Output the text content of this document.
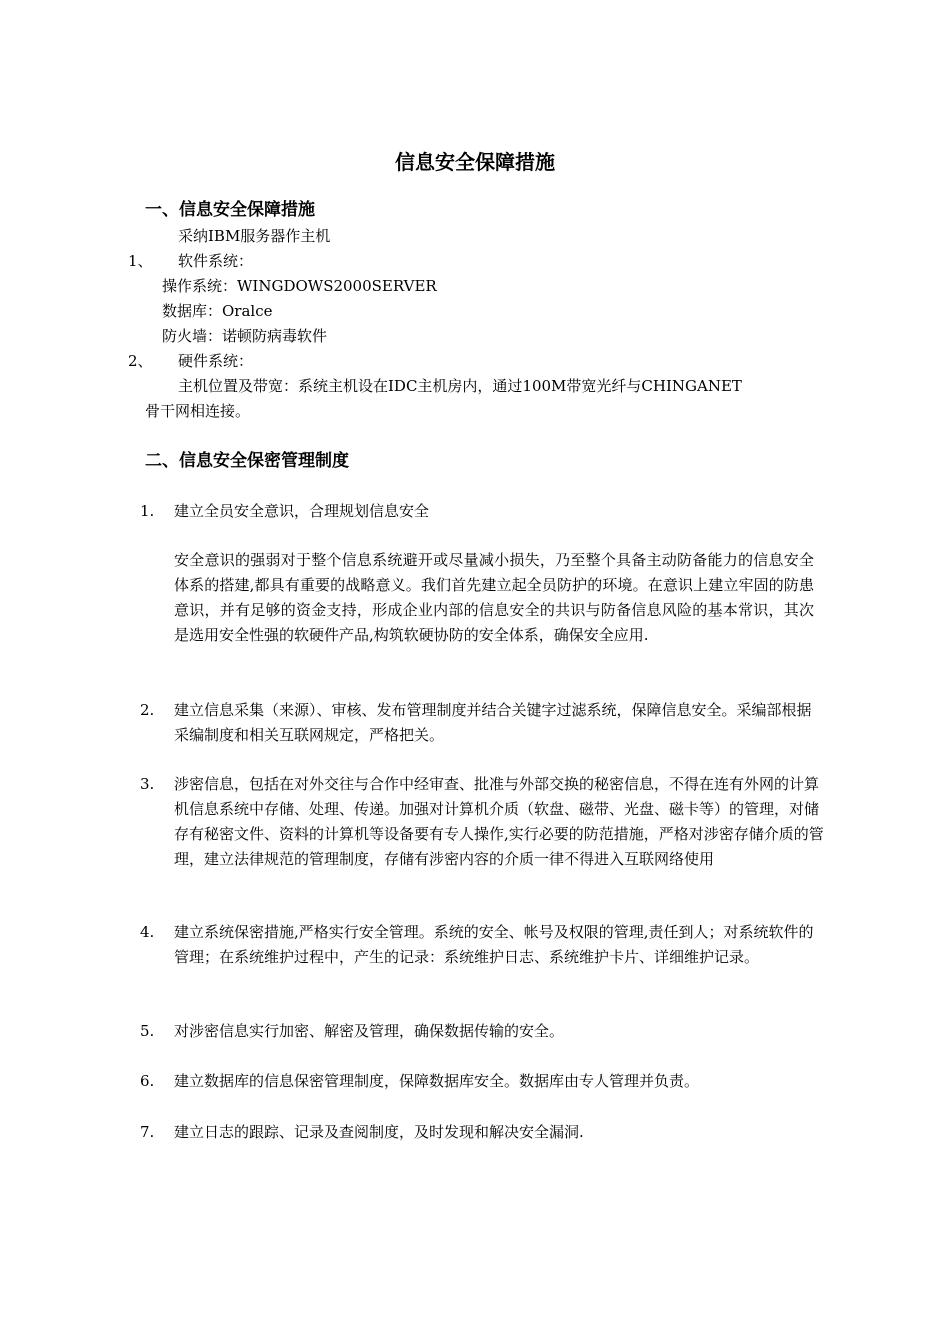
信息安全保障措施
一、信息安全保障措施

采纳IBM服务器作主机

1、 软件系统：

操作系统：WINGDOWS2000SERVER

数据库：Oralce

防火墙：诺顿防病毒软件

2、 硬件系统：

主机位置及带宽：系统主机设在IDC主机房内，通过100M带宽光纤与CHINGANET

骨干网相连接。

二、信息安全保密管理制度
1.	建立全员安全意识，合理规划信息安全

安全意识的强弱对于整个信息系统避开或尽量减小损失，乃至整个具备主动防备能力的信息安全体系的搭建,都具有重要的战略意义。我们首先建立起全员防护的环境。在意识上建立牢固的防患意识，并有足够的资金支持，形成企业内部的信息安全的共识与防备信息风险的基本常识，其次是选用安全性强的软硬件产品,构筑软硬协防的安全体系，确保安全应用.

2.	建立信息采集（来源）、审核、发布管理制度并结合关键字过滤系统，保障信息安全。采编部根据采编制度和相关互联网规定，严格把关。
3.	涉密信息，包括在对外交往与合作中经审查、批准与外部交换的秘密信息，不得在连有外网的计算机信息系统中存储、处理、传递。加强对计算机介质（软盘、磁带、光盘、磁卡等）的管理，对储存有秘密文件、资料的计算机等设备要有专人操作,实行必要的防范措施，严格对涉密存储介质的管理，建立法律规范的管理制度，存储有涉密内容的介质一律不得进入互联网络使用
4.	建立系统保密措施,严格实行安全管理。系统的安全、帐号及权限的管理,责任到人；对系统软件的管理；在系统维护过程中，产生的记录：系统维护日志、系统维护卡片、详细维护记录。
5.	对涉密信息实行加密、解密及管理，确保数据传输的安全。
6.	建立数据库的信息保密管理制度，保障数据库安全。数据库由专人管理并负责。
7.	建立日志的跟踪、记录及查阅制度，及时发现和解决安全漏洞.
